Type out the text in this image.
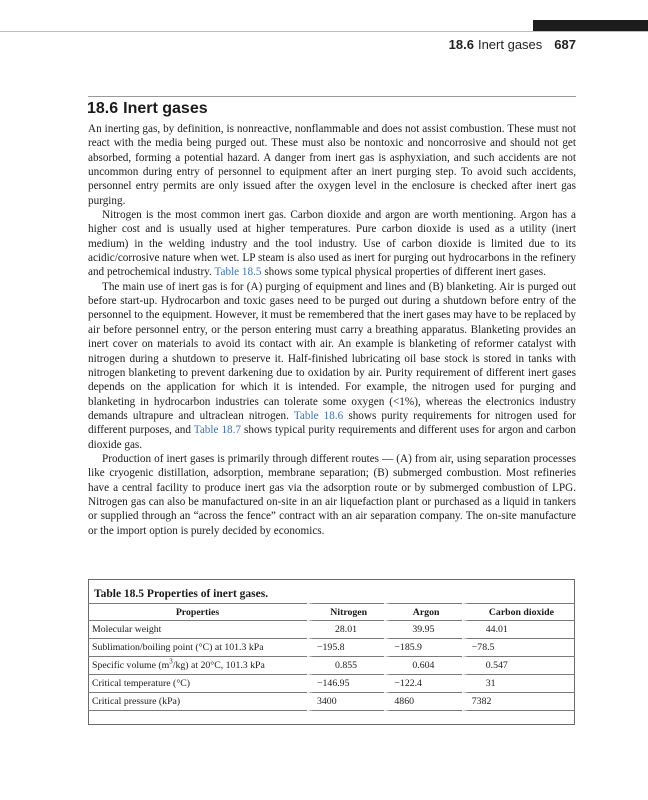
18.6 Inert gases 687
18.6 Inert gases

An inerting gas, by definition, is nonreactive, nonflammable and does not assist combustion. These must not react with the media being purged out. These must also be nontoxic and noncorrosive and should not get absorbed, forming a potential hazard. A danger from inert gas is asphyxiation, and such accidents are not uncommon during entry of personnel to equipment after an inert purging step. To avoid such accidents, personnel entry permits are only issued after the oxygen level in the enclosure is checked after inert gas purging.

Nitrogen is the most common inert gas. Carbon dioxide and argon are worth mentioning. Argon has a higher cost and is usually used at higher temperatures. Pure carbon dioxide is used as a utility (inert medium) in the welding industry and the tool industry. Use of carbon dioxide is limited due to its acidic/corrosive nature when wet. LP steam is also used as inert for purging out hydrocarbons in the refinery and petrochemical industry. Table 18.5 shows some typical physical properties of different inert gases.

The main use of inert gas is for (A) purging of equipment and lines and (B) blanketing. Air is purged out before start-up. Hydrocarbon and toxic gases need to be purged out during a shutdown before entry of the personnel to the equipment. However, it must be remembered that the inert gases may have to be replaced by air before personnel entry, or the person entering must carry a breathing apparatus. Blanketing provides an inert cover on materials to avoid its contact with air. An example is blanketing of reformer catalyst with nitrogen during a shutdown to preserve it. Half-finished lubricating oil base stock is stored in tanks with nitrogen blanketing to prevent darkening due to oxidation by air. Purity requirement of different inert gases depends on the application for which it is intended. For example, the nitrogen used for purging and blanketing in hydrocarbon industries can tolerate some oxygen (<1%), whereas the electronics industry demands ultrapure and ultraclean nitrogen. Table 18.6 shows purity requirements for nitrogen used for different purposes, and Table 18.7 shows typical purity requirements and different uses for argon and carbon dioxide gas.

Production of inert gases is primarily through different routes — (A) from air, using separation processes like cryogenic distillation, adsorption, membrane separation; (B) submerged combustion. Most refineries have a central facility to produce inert gas via the adsorption route or by submerged combustion of LPG. Nitrogen gas can also be manufactured on-site in an air liquefaction plant or purchased as a liquid in tankers or supplied through an “across the fence” contract with an air separation company. The on-site manufacture or the import option is purely decided by economics.

Table 18.5 Properties of inert gases.
Properties	Nitrogen	Argon	Carbon dioxide
Molecular weight	28.01	39.95	44.01
Sublimation/boiling point (°C) at 101.3 kPa	−195.8	−185.9	−78.5
Specific volume $(m^3/kg)$ at 20°C, 101.3 kPa	0.855	0.604	0.547
Critical temperature (°C)	−146.95	−122.4	31
Critical pressure (kPa)	3400	4860	7382
